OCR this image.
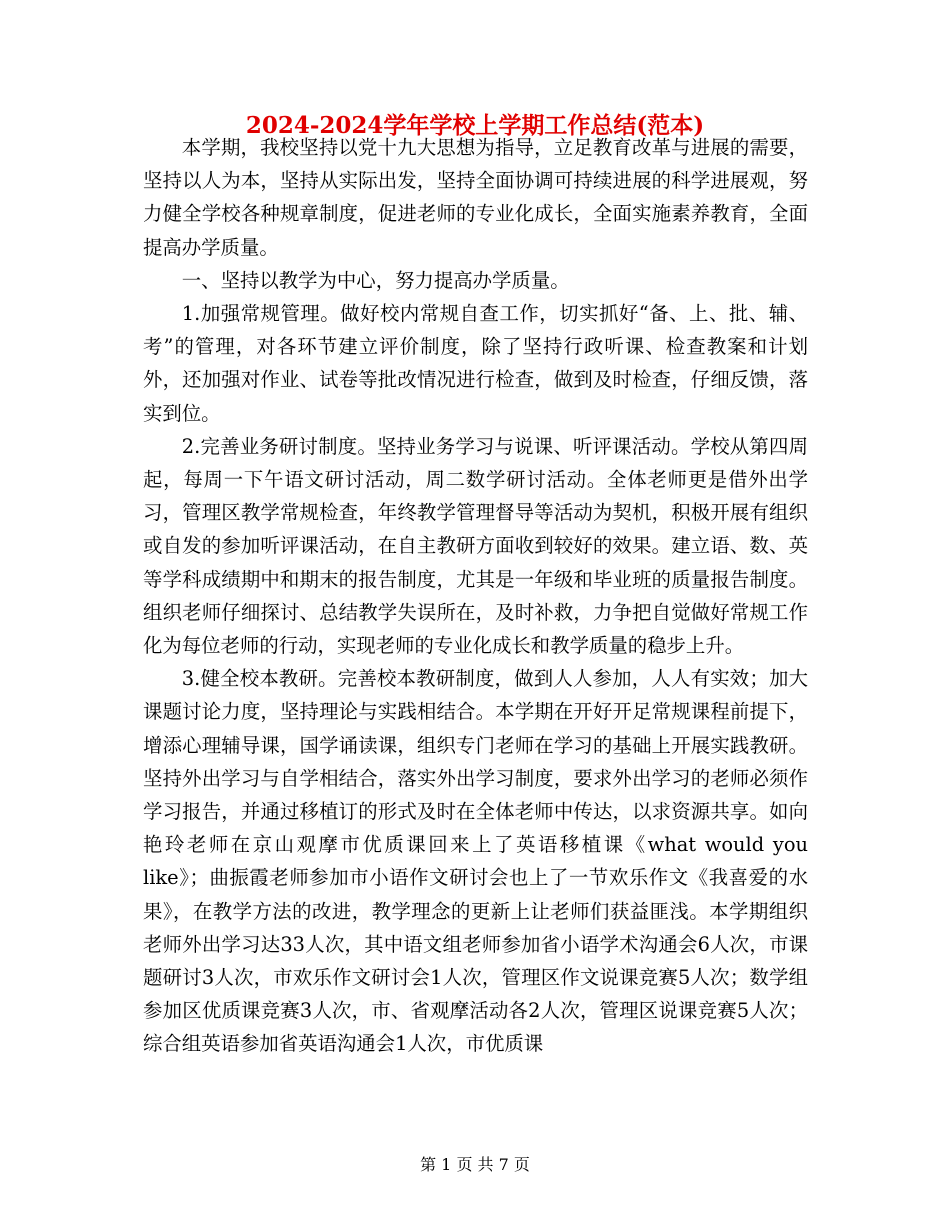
2024-2024学年学校上学期工作总结(范本)

本学期，我校坚持以党十九大思想为指导，立足教育改革与进展的需要，坚持以人为本，坚持从实际出发，坚持全面协调可持续进展的科学进展观，努力健全学校各种规章制度，促进老师的专业化成长，全面实施素养教育，全面提高办学质量。

一、坚持以教学为中心，努力提高办学质量。

1.加强常规管理。做好校内常规自查工作，切实抓好“备、上、批、辅、考”的管理，对各环节建立评价制度，除了坚持行政听课、检查教案和计划外，还加强对作业、试卷等批改情况进行检查，做到及时检查，仔细反馈，落实到位。

2.完善业务研讨制度。坚持业务学习与说课、听评课活动。学校从第四周起，每周一下午语文研讨活动，周二数学研讨活动。全体老师更是借外出学习，管理区教学常规检查，年终教学管理督导等活动为契机，积极开展有组织或自发的参加听评课活动，在自主教研方面收到较好的效果。建立语、数、英等学科成绩期中和期末的报告制度，尤其是一年级和毕业班的质量报告制度。组织老师仔细探讨、总结教学失误所在，及时补救，力争把自觉做好常规工作化为每位老师的行动，实现老师的专业化成长和教学质量的稳步上升。

3.健全校本教研。完善校本教研制度，做到人人参加，人人有实效；加大课题讨论力度，坚持理论与实践相结合。本学期在开好开足常规课程前提下，增添心理辅导课，国学诵读课，组织专门老师在学习的基础上开展实践教研。坚持外出学习与自学相结合，落实外出学习制度，要求外出学习的老师必须作学习报告，并通过移植订的形式及时在全体老师中传达，以求资源共享。如向艳玲老师在京山观摩市优质课回来上了英语移植课《what would you like》；曲振霞老师参加市小语作文研讨会也上了一节欢乐作文《我喜爱的水果》，在教学方法的改进，教学理念的更新上让老师们获益匪浅。本学期组织老师外出学习达33人次，其中语文组老师参加省小语学术沟通会6人次，市课题研讨3人次，市欢乐作文研讨会1人次，管理区作文说课竞赛5人次；数学组参加区优质课竞赛3人次，市、省观摩活动各2人次，管理区说课竞赛5人次；综合组英语参加省英语沟通会1人次，市优质课

第 1 页 共 7 页
